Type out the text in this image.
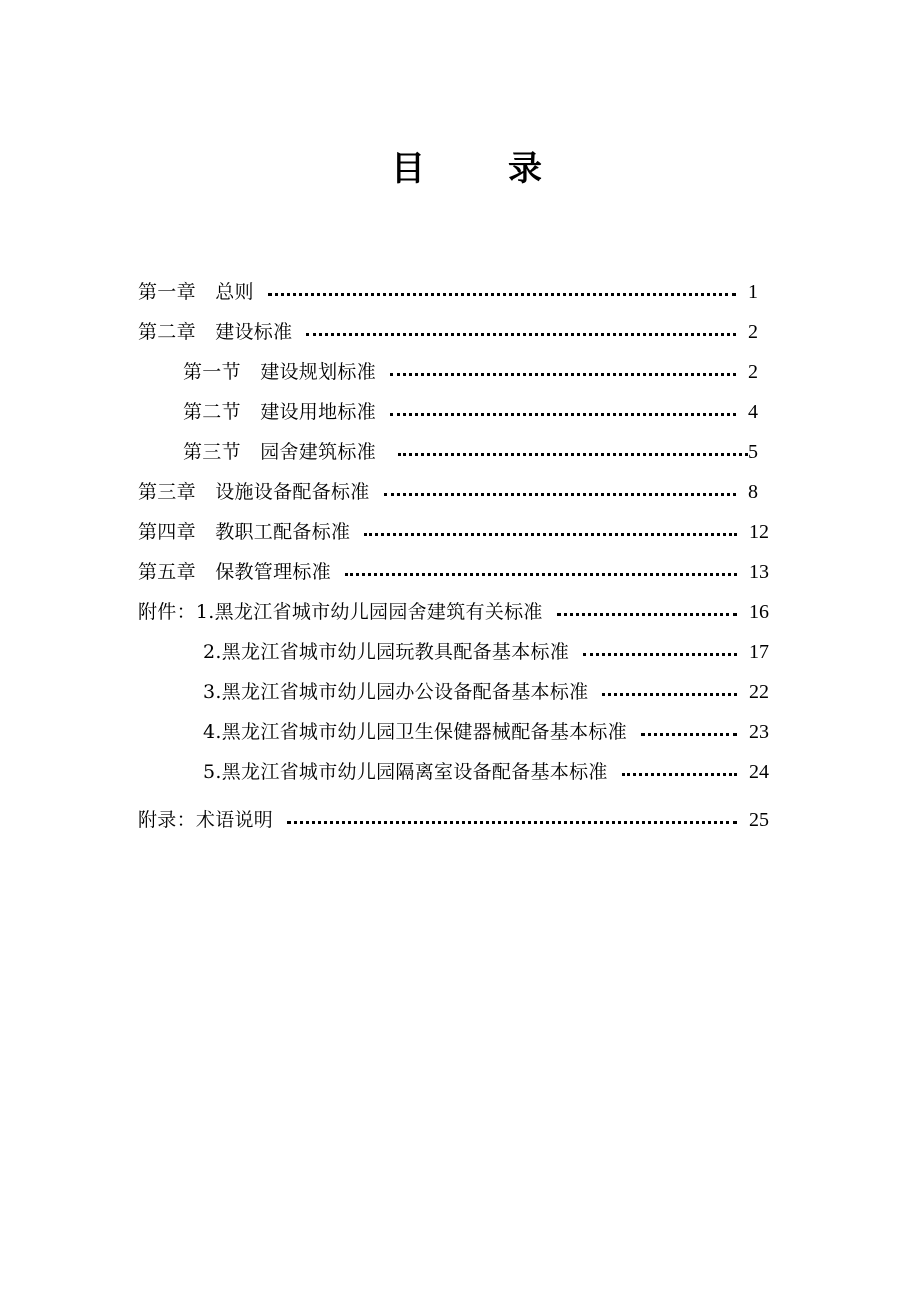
目 录
第一章　总则	1
第二章　建设标准	2
第一节　建设规划标准	2
第二节　建设用地标准	4
第三节　园舍建筑标准	5
第三章　设施设备配备标准	8
第四章　教职工配备标准	12
第五章　保教管理标准	13
附件：1.黑龙江省城市幼儿园园舍建筑有关标准	16
2.黑龙江省城市幼儿园玩教具配备基本标准	17
3.黑龙江省城市幼儿园办公设备配备基本标准	22
4.黑龙江省城市幼儿园卫生保健器械配备基本标准	23
5.黑龙江省城市幼儿园隔离室设备配备基本标准	24
附录：术语说明	25
